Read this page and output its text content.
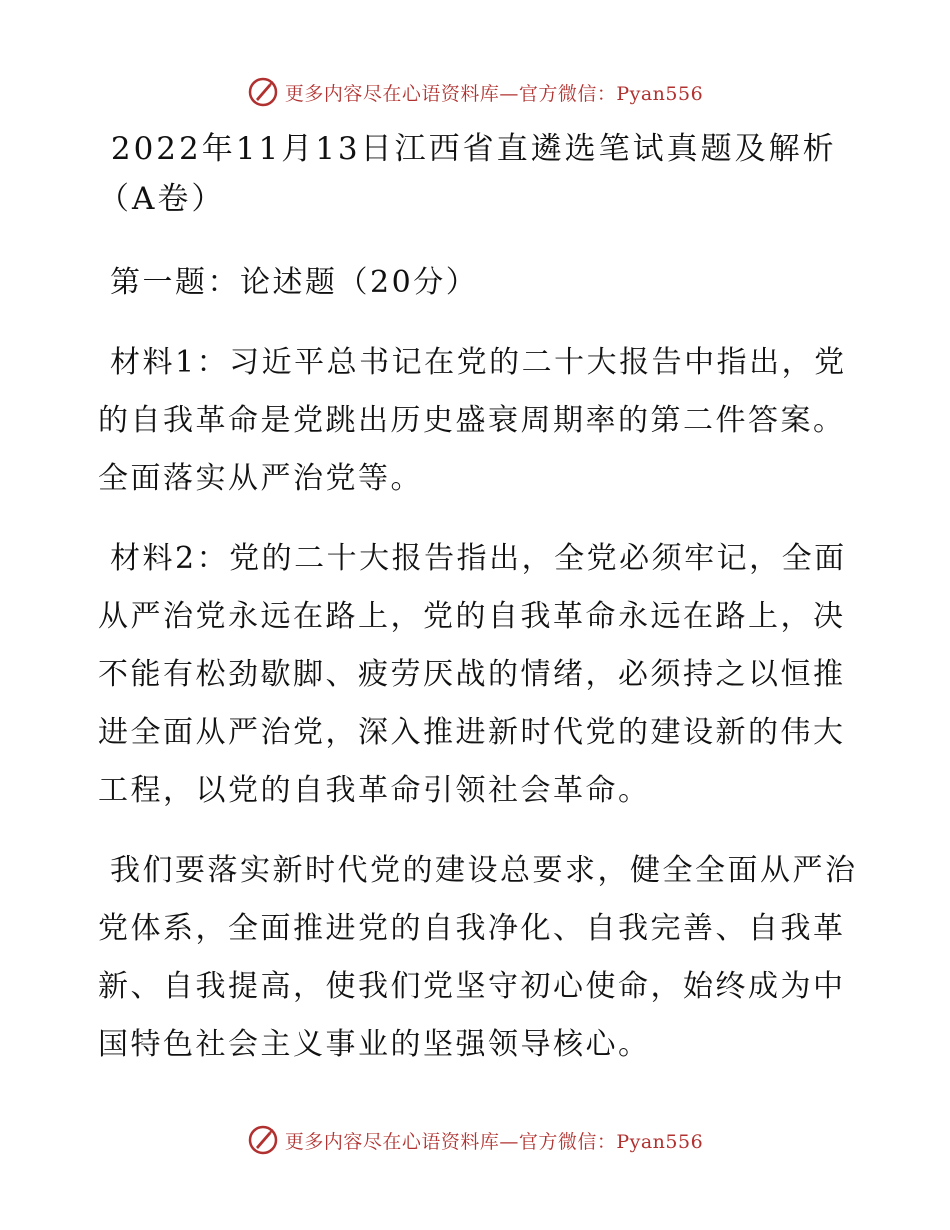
更多内容尽在心语资料库—官方微信：Pyan556

2022年11月13日江西省直遴选笔试真题及解析

（A卷）

第一题：论述题（20分）

材料1：习近平总书记在党的二十大报告中指出，党的自我革命是党跳出历史盛衰周期率的第二件答案。全面落实从严治党等。

材料2：党的二十大报告指出，全党必须牢记，全面从严治党永远在路上，党的自我革命永远在路上，决不能有松劲歇脚、疲劳厌战的情绪，必须持之以恒推进全面从严治党，深入推进新时代党的建设新的伟大工程，以党的自我革命引领社会革命。

我们要落实新时代党的建设总要求，健全全面从严治党体系，全面推进党的自我净化、自我完善、自我革新、自我提高，使我们党坚守初心使命，始终成为中国特色社会主义事业的坚强领导核心。

更多内容尽在心语资料库—官方微信：Pyan556
